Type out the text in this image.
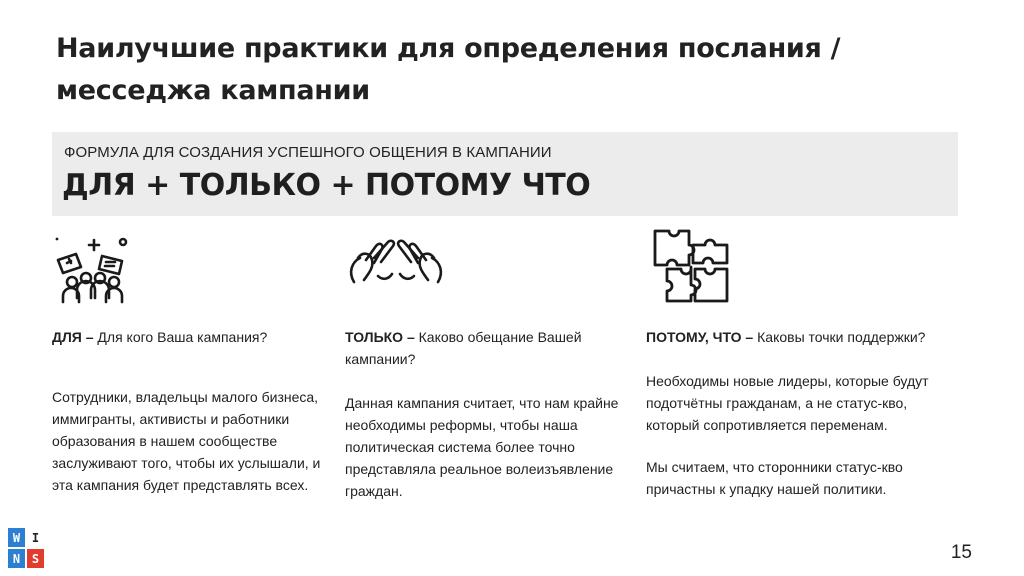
Наилучшие практики для определения послания / месседжа кампании
ФОРМУЛА ДЛЯ СОЗДАНИЯ УСПЕШНОГО ОБЩЕНИЯ В КАМПАНИИ
ДЛЯ + ТОЛЬКО + ПОТОМУ ЧТО
ДЛЯ – Для кого Ваша кампания?

Сотрудники, владельцы малого бизнеса, иммигранты, активисты и работники образования в нашем сообществе заслуживают того, чтобы их услышали, и эта кампания будет представлять всех.

ТОЛЬКО – Каково обещание Вашей кампании?

Данная кампания считает, что нам крайне необходимы реформы, чтобы наша политическая система более точно представляла реальное волеизъявление граждан.

ПОТОМУ, ЧТО – Каковы точки поддержки?

Необходимы новые лидеры, которые будут подотчётны гражданам, а не статус-кво, который сопротивляется переменам.

Мы считаем, что сторонники статус-кво причастны к упадку нашей политики.

W I
N S	15
